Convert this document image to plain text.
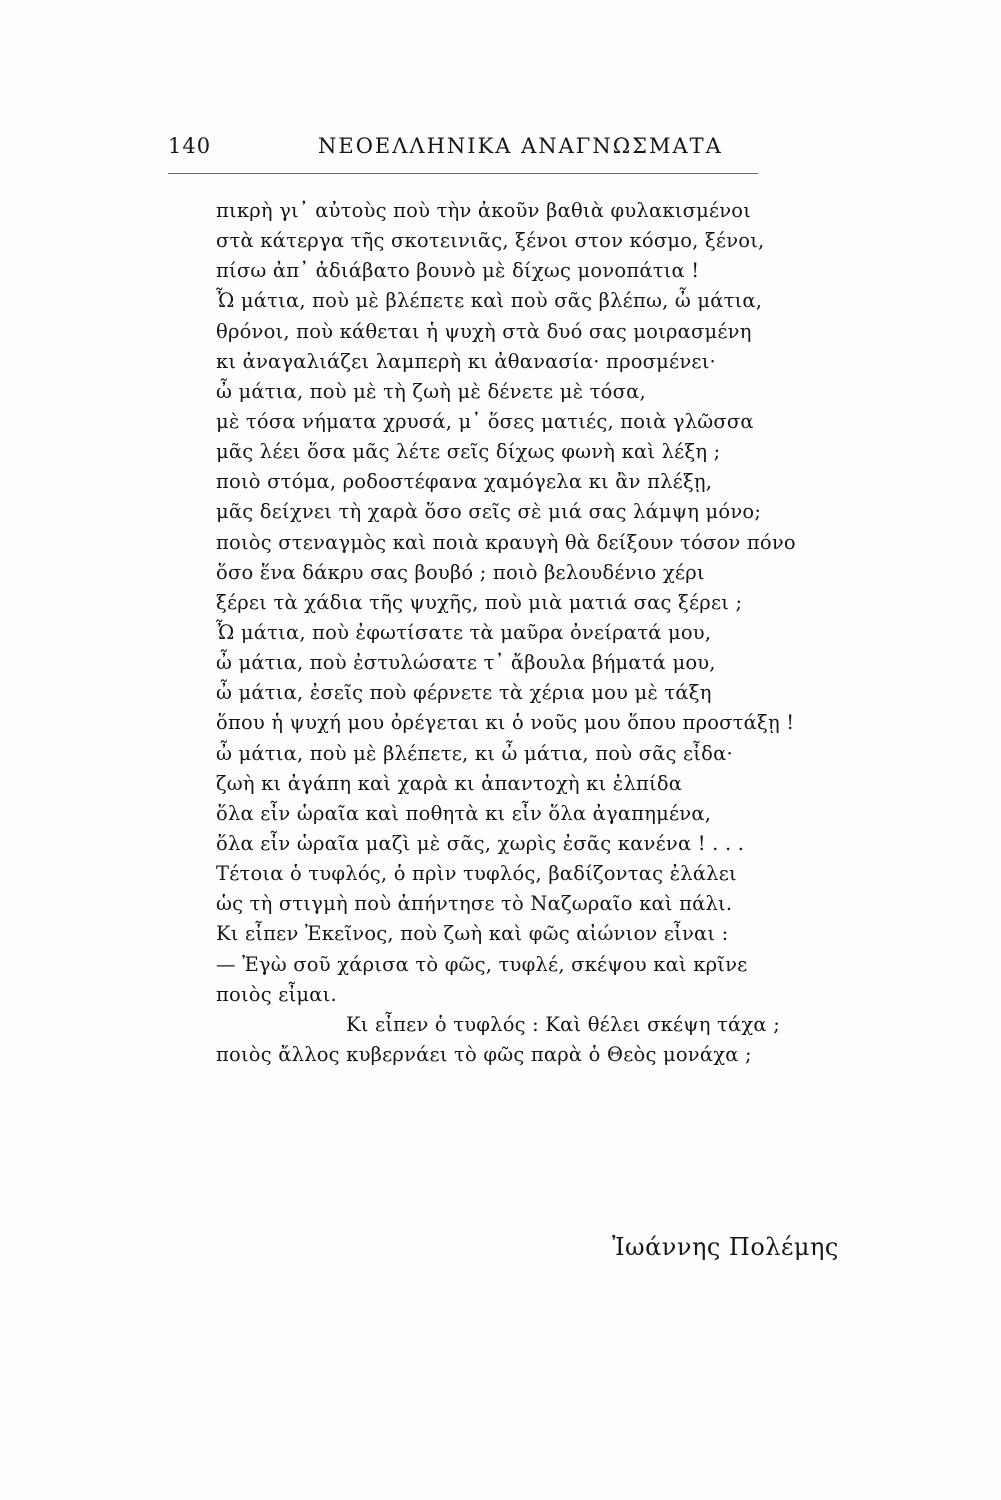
140	ΝΕΟΕΛΛΗΝΙΚΑ ΑΝΑΓΝΩΣΜΑΤΑ
πικρὴ γι᾽ αὐτοὺς ποὺ τὴν ἀκοῦν βαθιὰ φυλακισμένοι
στὰ κάτεργα τῆς σκοτεινιᾶς, ξένοι στον κόσμο, ξένοι,
πίσω ἀπ᾽ ἀδιάβατο βουνὸ μὲ δίχως μονοπάτια !
Ὦ μάτια, ποὺ μὲ βλέπετε καὶ ποὺ σᾶς βλέπω, ὦ μάτια,
θρόνοι, ποὺ κάθεται ἡ ψυχὴ στὰ δυό σας μοιρασμένη
κι ἀναγαλιάζει λαμπερὴ κι ἀθανασία· προσμένει·
ὦ μάτια, ποὺ μὲ τὴ ζωὴ μὲ δένετε μὲ τόσα,
μὲ τόσα νήματα χρυσά, μ᾽ ὅσες ματιές, ποιὰ γλῶσσα
μᾶς λέει ὅσα μᾶς λέτε σεῖς δίχως φωνὴ καὶ λέξη ;
ποιὸ στόμα, ροδοστέφανα χαμόγελα κι ἂν πλέξῃ,
μᾶς δείχνει τὴ χαρὰ ὅσο σεῖς σὲ μιά σας λάμψη μόνο;
ποιὸς στεναγμὸς καὶ ποιὰ κραυγὴ θὰ δείξουν τόσον πόνο
ὅσο ἕνα δάκρυ σας βουβό ; ποιὸ βελουδένιο χέρι
ξέρει τὰ χάδια τῆς ψυχῆς, ποὺ μιὰ ματιά σας ξέρει ;
Ὦ μάτια, ποὺ ἐφωτίσατε τὰ μαῦρα ὀνείρατά μου,
ὦ μάτια, ποὺ ἐστυλώσατε τ᾽ ἄβουλα βήματά μου,
ὦ μάτια, ἐσεῖς ποὺ φέρνετε τὰ χέρια μου μὲ τάξη
ὅπου ἡ ψυχή μου ὀρέγεται κι ὁ νοῦς μου ὅπου προστάξῃ !
ὦ μάτια, ποὺ μὲ βλέπετε, κι ὦ μάτια, ποὺ σᾶς εἶδα·
ζωὴ κι ἀγάπη καὶ χαρὰ κι ἀπαντοχὴ κι ἐλπίδα
ὅλα εἶν ὡραῖα καὶ ποθητὰ κι εἶν ὅλα ἀγαπημένα,
ὅλα εἶν ὡραῖα μαζὶ μὲ σᾶς, χωρὶς ἐσᾶς κανένα ! . . .
Τέτοια ὁ τυφλός, ὁ πρὶν τυφλός, βαδίζοντας ἐλάλει
ὡς τὴ στιγμὴ ποὺ ἀπήντησε τὸ Ναζωραῖο καὶ πάλι.
Κι εἶπεν Ἐκεῖνος, ποὺ ζωὴ καὶ φῶς αἰώνιον εἶναι :
— Ἐγὼ σοῦ χάρισα τὸ φῶς, τυφλέ, σκέψου καὶ κρῖνε
ποιὸς εἶμαι.
Κι εἶπεν ὁ τυφλός : Καὶ θέλει σκέψη τάχα ;
ποιὸς ἄλλος κυβερνάει τὸ φῶς παρὰ ὁ Θεὸς μονάχα ;
Ἰωάννης Πολέμης
